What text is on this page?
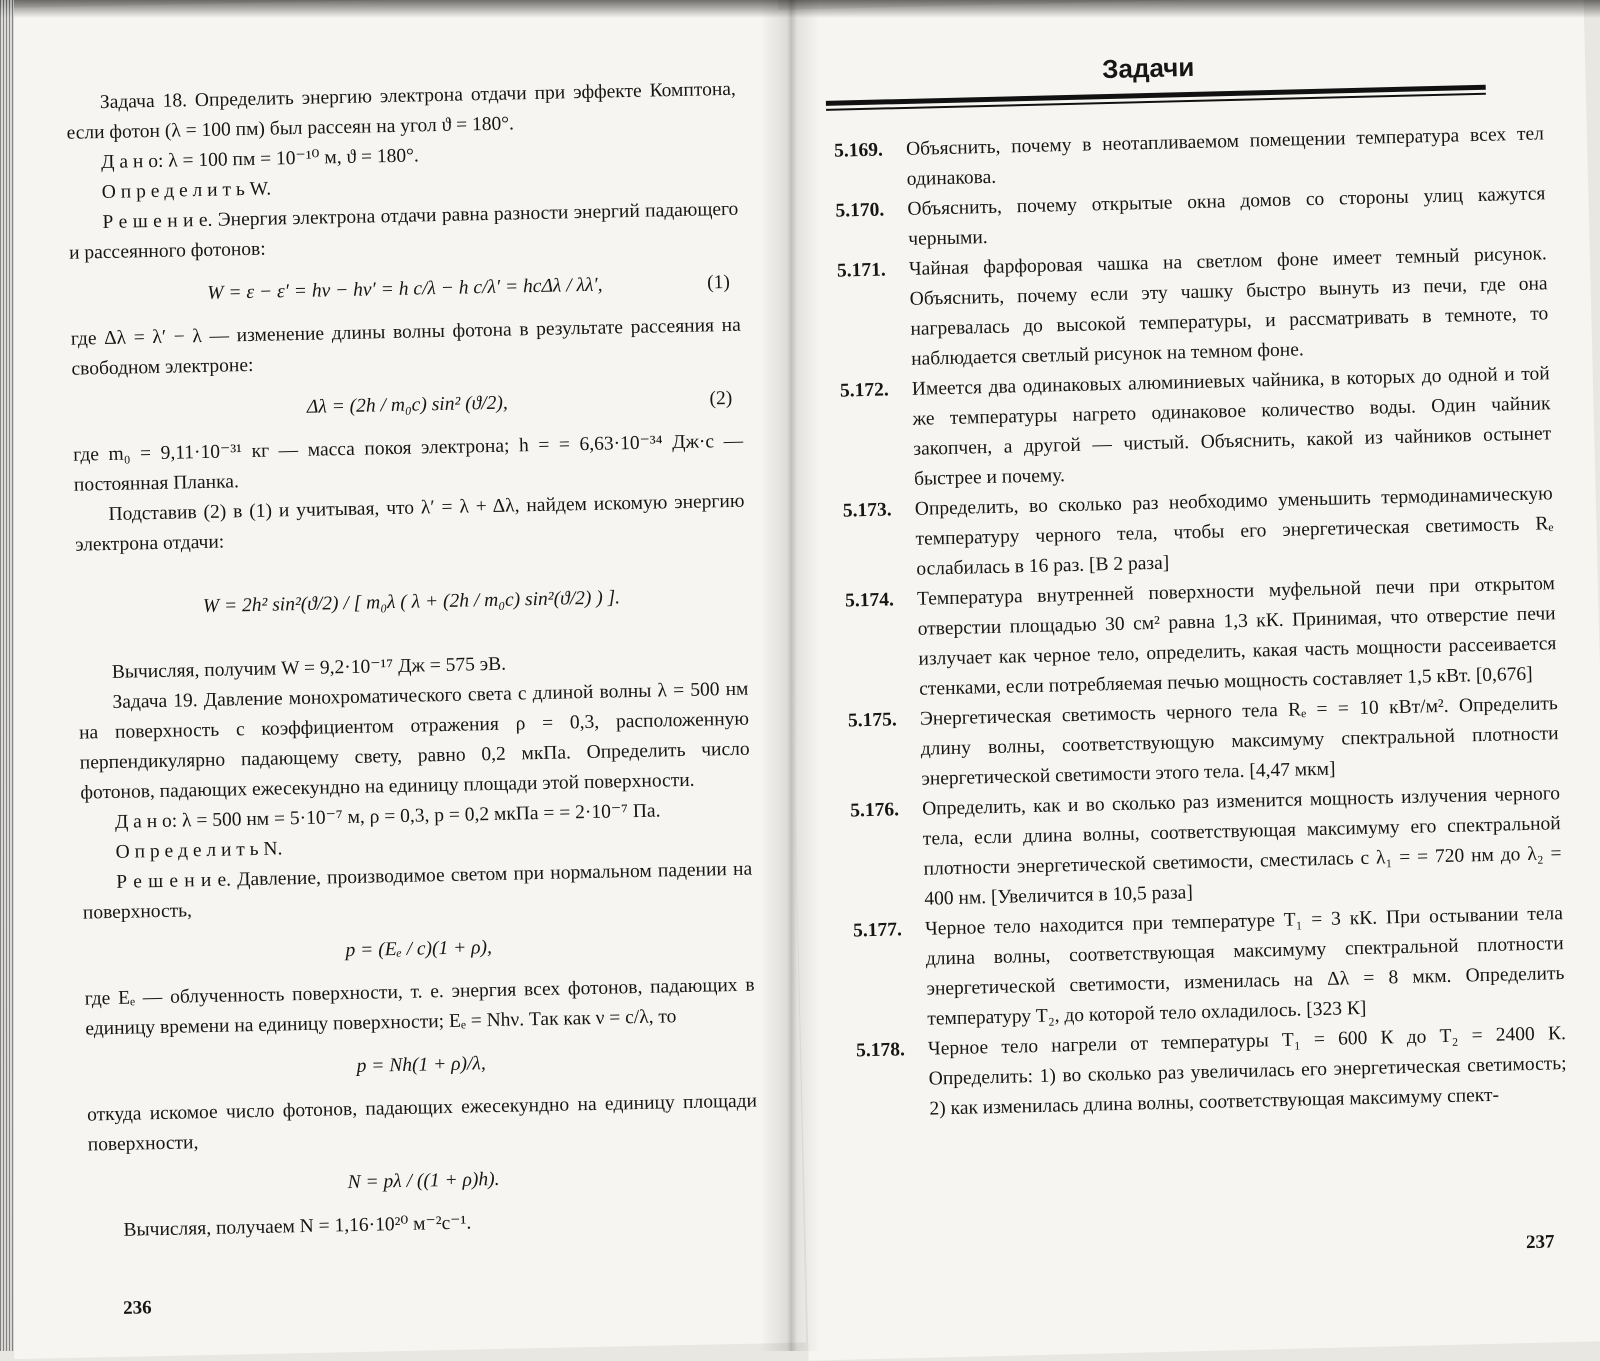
Задача 18. Определить энергию электрона отдачи при эффекте Комптона, если фотон (λ = 100 пм) был рассеян на угол ϑ = 180°.

Д а н о: λ = 100 пм = 10⁻¹⁰ м, ϑ = 180°.

О п р е д е л и т ь W.

Р е ш е н и е. Энергия электрона отдачи равна разности энергий падающего и рассеянного фотонов:

W = ε − ε′ = hν − hν′ = h c/λ − h c/λ′ = hcΔλ / λλ′,	(1)

где Δλ = λ′ − λ — изменение длины волны фотона в результате рассеяния на свободном электроне:

Δλ = (2h / m₀c) sin² (ϑ/2),	(2)

где m₀ = 9,11·10⁻³¹ кг — масса покоя электрона; h = = 6,63·10⁻³⁴ Дж·с — постоянная Планка.

Подставив (2) в (1) и учитывая, что λ′ = λ + Δλ, найдем искомую энергию электрона отдачи:

W = 2h² sin²(ϑ/2) / [ m₀λ ( λ + (2h / m₀c) sin²(ϑ/2) ) ].

Вычисляя, получим W = 9,2·10⁻¹⁷ Дж = 575 эВ.

Задача 19. Давление монохроматического света с длиной волны λ = 500 нм на поверхность с коэффициентом отражения ρ = 0,3, расположенную перпендикулярно падающему свету, равно 0,2 мкПа. Определить число фотонов, падающих ежесекундно на единицу площади этой поверхности.

Д а н о: λ = 500 нм = 5·10⁻⁷ м, ρ = 0,3, p = 0,2 мкПа = = 2·10⁻⁷ Па.

О п р е д е л и т ь N.

Р е ш е н и е. Давление, производимое светом при нормальном падении на поверхность,

p = (Eₑ / c)(1 + ρ),

где Eₑ — облученность поверхности, т. е. энергия всех фотонов, падающих в единицу времени на единицу поверхности; Eₑ = Nhν. Так как ν = c/λ, то

p = Nh(1 + ρ)/λ,

откуда искомое число фотонов, падающих ежесекундно на единицу площади поверхности,

N = pλ / ((1 + ρ)h).

Вычисляя, получаем N = 1,16·10²⁰ м⁻²с⁻¹.

236
Задачи
5.169. Объяснить, почему в неотапливаемом помещении температура всех тел одинакова.
5.170. Объяснить, почему открытые окна домов со стороны улиц кажутся черными.
5.171. Чайная фарфоровая чашка на светлом фоне имеет темный рисунок. Объяснить, почему если эту чашку быстро вынуть из печи, где она нагревалась до высокой температуры, и рассматривать в темноте, то наблюдается светлый рисунок на темном фоне.
5.172. Имеется два одинаковых алюминиевых чайника, в которых до одной и той же температуры нагрето одинаковое количество воды. Один чайник закопчен, а другой — чистый. Объяснить, какой из чайников остынет быстрее и почему.
5.173. Определить, во сколько раз необходимо уменьшить термодинамическую температуру черного тела, чтобы его энергетическая светимость Rₑ ослабилась в 16 раз. [В 2 раза]
5.174. Температура внутренней поверхности муфельной печи при открытом отверстии площадью 30 см² равна 1,3 кК. Принимая, что отверстие печи излучает как черное тело, определить, какая часть мощности рассеивается стенками, если потребляемая печью мощность составляет 1,5 кВт. [0,676]
5.175. Энергетическая светимость черного тела Rₑ = = 10 кВт/м². Определить длину волны, соответствующую максимуму спектральной плотности энергетической светимости этого тела. [4,47 мкм]
5.176. Определить, как и во сколько раз изменится мощность излучения черного тела, если длина волны, соответствующая максимуму его спектральной плотности энергетической светимости, сместилась с λ₁ = = 720 нм до λ₂ = 400 нм. [Увеличится в 10,5 раза]
5.177. Черное тело находится при температуре T₁ = 3 кК. При остывании тела длина волны, соответствующая максимуму спектральной плотности энергетической светимости, изменилась на Δλ = 8 мкм. Определить температуру T₂, до которой тело охладилось. [323 К]
5.178. Черное тело нагрели от температуры T₁ = 600 К до T₂ = 2400 К. Определить: 1) во сколько раз увеличилась его энергетическая светимость; 2) как изменилась длина волны, соответствующая максимуму спект-
237
